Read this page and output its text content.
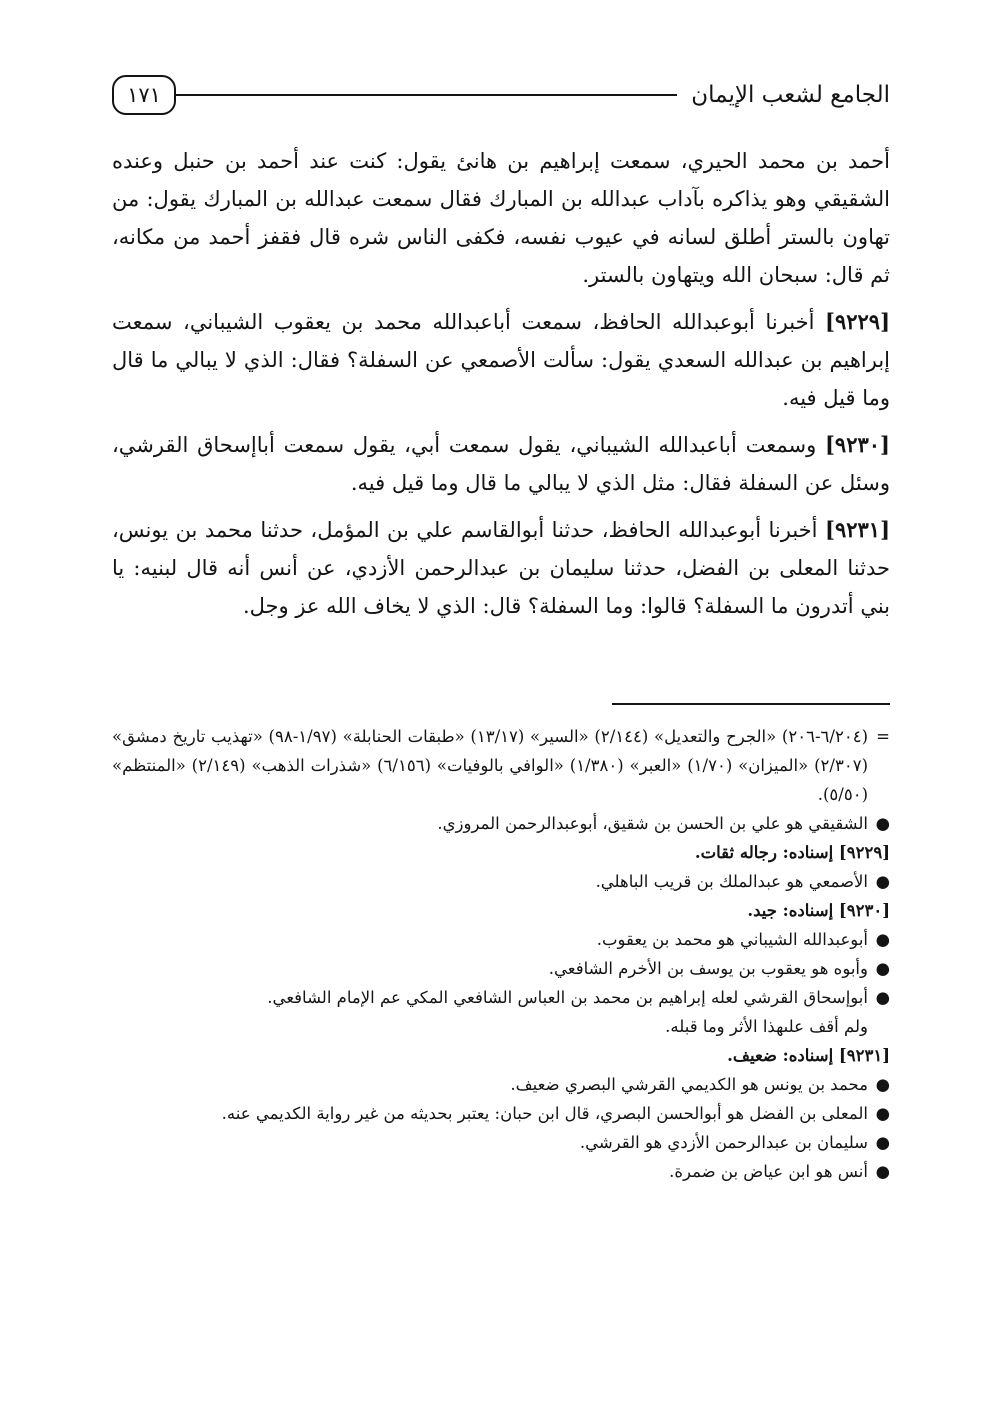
الجامع لشعب الإيمان
١٧١

أحمد بن محمد الحيري، سمعت إبراهيم بن هانئ يقول: كنت عند أحمد بن حنبل وعنده الشقيقي وهو يذاكره بآداب عبدالله بن المبارك فقال سمعت عبدالله بن المبارك يقول: من تهاون بالستر أطلق لسانه في عيوب نفسه، فكفى الناس شره قال فقفز أحمد من مكانه، ثم قال: سبحان الله ويتهاون بالستر.

[٩٢٢٩] أخبرنا أبوعبدالله الحافظ، سمعت أباعبدالله محمد بن يعقوب الشيباني، سمعت إبراهيم بن عبدالله السعدي يقول: سألت الأصمعي عن السفلة؟ فقال: الذي لا يبالي ما قال وما قيل فيه.

[٩٢٣٠] وسمعت أباعبدالله الشيباني، يقول سمعت أبي، يقول سمعت أباإسحاق القرشي، وسئل عن السفلة فقال: مثل الذي لا يبالي ما قال وما قيل فيه.

[٩٢٣١] أخبرنا أبوعبدالله الحافظ، حدثنا أبوالقاسم علي بن المؤمل، حدثنا محمد بن يونس، حدثنا المعلى بن الفضل، حدثنا سليمان بن عبدالرحمن الأزدي، عن أنس أنه قال لبنيه: يا بني أتدرون ما السفلة؟ قالوا: وما السفلة؟ قال: الذي لا يخاف الله عز وجل.

=
(٦/٢٠٤-٢٠٦) «الجرح والتعديل» (٢/١٤٤) «السير» (١٣/١٧) «طبقات الحنابلة» (١/٩٧-٩٨) «تهذيب تاريخ دمشق» (٢/٣٠٧) «الميزان» (١/٧٠) «العبر» (١/٣٨٠) «الوافي بالوفيات» (٦/١٥٦) «شذرات الذهب» (٢/١٤٩) «المنتظم» (٥/٥٠).
●الشقيقي هو علي بن الحسن بن شقيق، أبوعبدالرحمن المروزي.
[٩٢٢٩] إسناده: رجاله ثقات.
●الأصمعي هو عبدالملك بن قريب الباهلي.
[٩٢٣٠] إسناده: جيد.
●أبوعبدالله الشيباني هو محمد بن يعقوب.
●وأبوه هو يعقوب بن يوسف بن الأخرم الشافعي.
●أبوإسحاق القرشي لعله إبراهيم بن محمد بن العباس الشافعي المكي عم الإمام الشافعي.
ولم أقف علىهذا الأثر وما قبله.
[٩٢٣١] إسناده: ضعيف.
●محمد بن يونس هو الكديمي القرشي البصري ضعيف.
●المعلى بن الفضل هو أبوالحسن البصري، قال ابن حبان: يعتبر بحديثه من غير رواية الكديمي عنه.
●سليمان بن عبدالرحمن الأزدي هو القرشي.
●أنس هو ابن عياض بن ضمرة.
